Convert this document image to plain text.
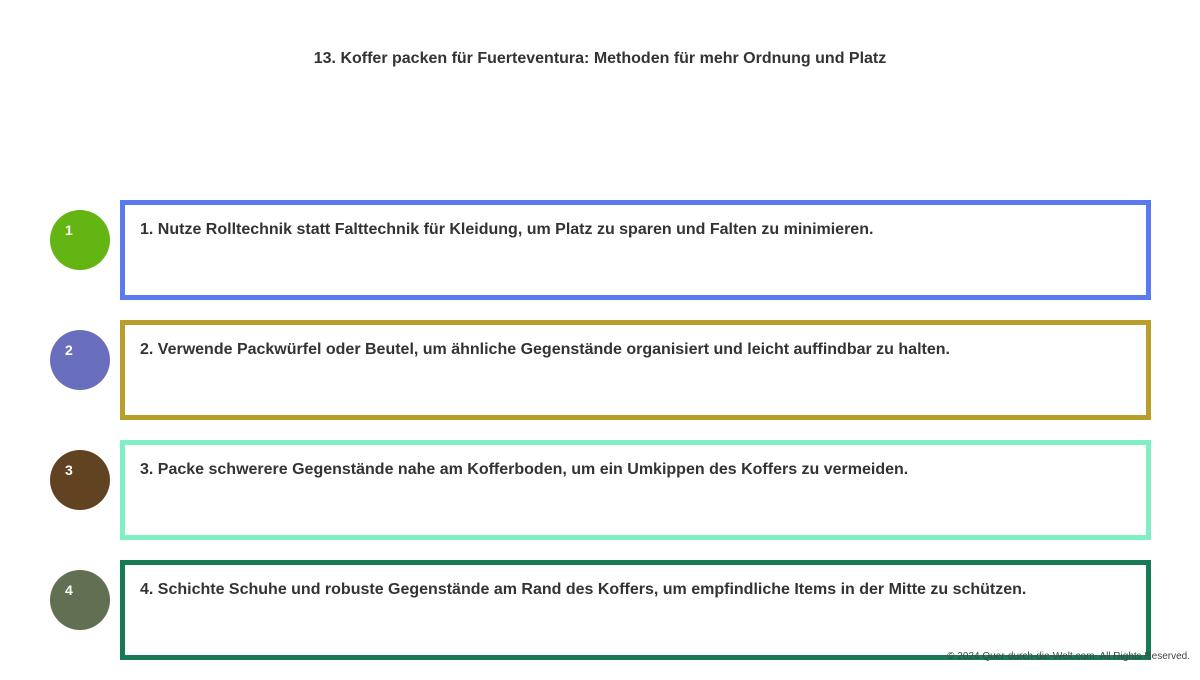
13. Koffer packen für Fuerteventura: Methoden für mehr Ordnung und Platz
1	1. Nutze Rolltechnik statt Falttechnik für Kleidung, um Platz zu sparen und Falten zu minimieren.
2	2. Verwende Packwürfel oder Beutel, um ähnliche Gegenstände organisiert und leicht auffindbar zu halten.
3	3. Packe schwerere Gegenstände nahe am Kofferboden, um ein Umkippen des Koffers zu vermeiden.
4	4. Schichte Schuhe und robuste Gegenstände am Rand des Koffers, um empfindliche Items in der Mitte zu schützen.
© 2024 Quer-durch-die-Welt.com. All Rights Reserved.
